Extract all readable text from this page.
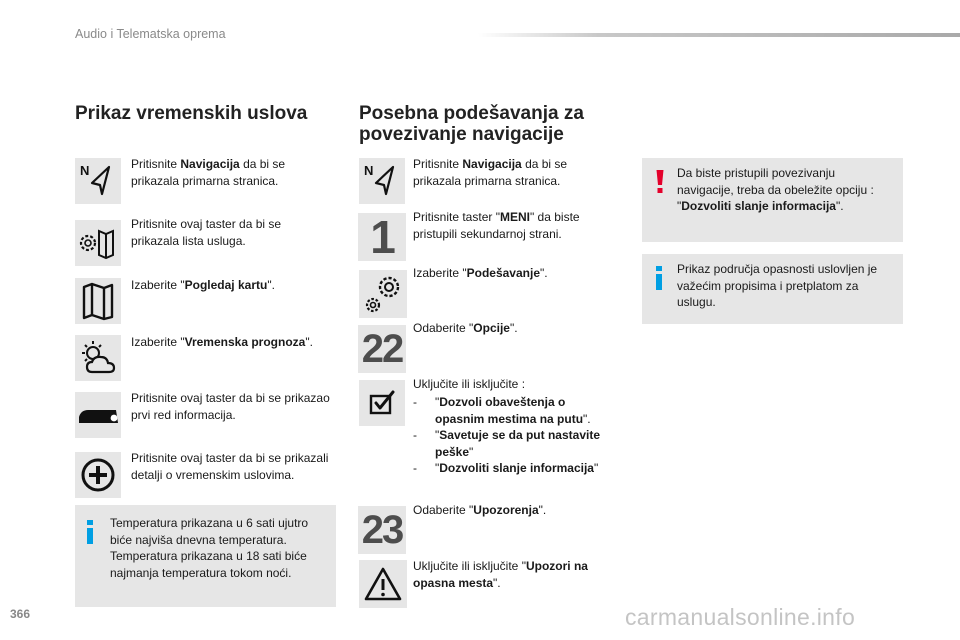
Audio i Telematska oprema
Prikaz vremenskih uslova
N	Pritisnite Navigacija da bi se prikazala primarna stranica.
Pritisnite ovaj taster da bi se prikazala lista usluga.
Izaberite "Pogledaj kartu".
Izaberite "Vremenska prognoza".
Pritisnite ovaj taster da bi se prikazao prvi red informacija.
Pritisnite ovaj taster da bi se prikazali detalji o vremenskim uslovima.
Temperatura prikazana u 6 sati ujutro biće najviša dnevna temperatura. Temperatura prikazana u 18 sati biće najmanja temperatura tokom noći.
Posebna podešavanja za povezivanje navigacije
N	Pritisnite Navigacija da bi se prikazala primarna stranica.
1 Pritisnite taster "MENI" da biste pristupili sekundarnoj strani.
Izaberite "Podešavanje".
22 Odaberite "Opcije".
Uključite ili isključite :
- "Dozvoli obaveštenja o opasnim mestima na putu".
- "Savetuje se da put nastavite peške"
- "Dozvoliti slanje informacija"
23 Odaberite "Upozorenja".
Uključite ili isključite "Upozori na opasna mesta".
Da biste pristupili povezivanju navigacije, treba da obeležite opciju : "Dozvoliti slanje informacija".
Prikaz područja opasnosti uslovljen je važećim propisima i pretplatom za uslugu.
366	carmanualsonline.info
